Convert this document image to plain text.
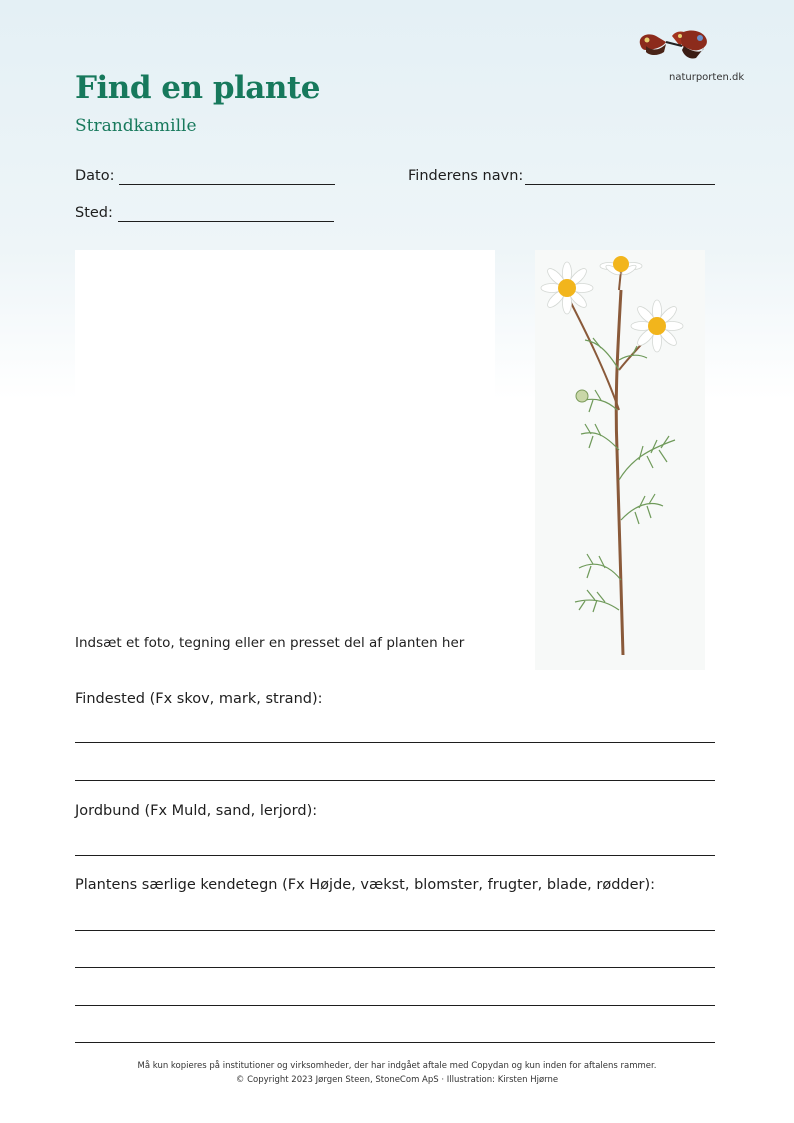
naturporten.dk
Find en plante
Strandkamille
Dato:	Finderens navn:
Sted:
Indsæt et foto, tegning eller en presset del af planten her
Findested (Fx skov, mark, strand):
Jordbund (Fx Muld, sand, lerjord):
Plantens særlige kendetegn (Fx Højde, vækst, blomster, frugter, blade, rødder):
Må kun kopieres på institutioner og virksomheder, der har indgået aftale med Copydan og kun inden for aftalens rammer.
© Copyright 2023 Jørgen Steen, StoneCom ApS · Illustration: Kirsten Hjørne
